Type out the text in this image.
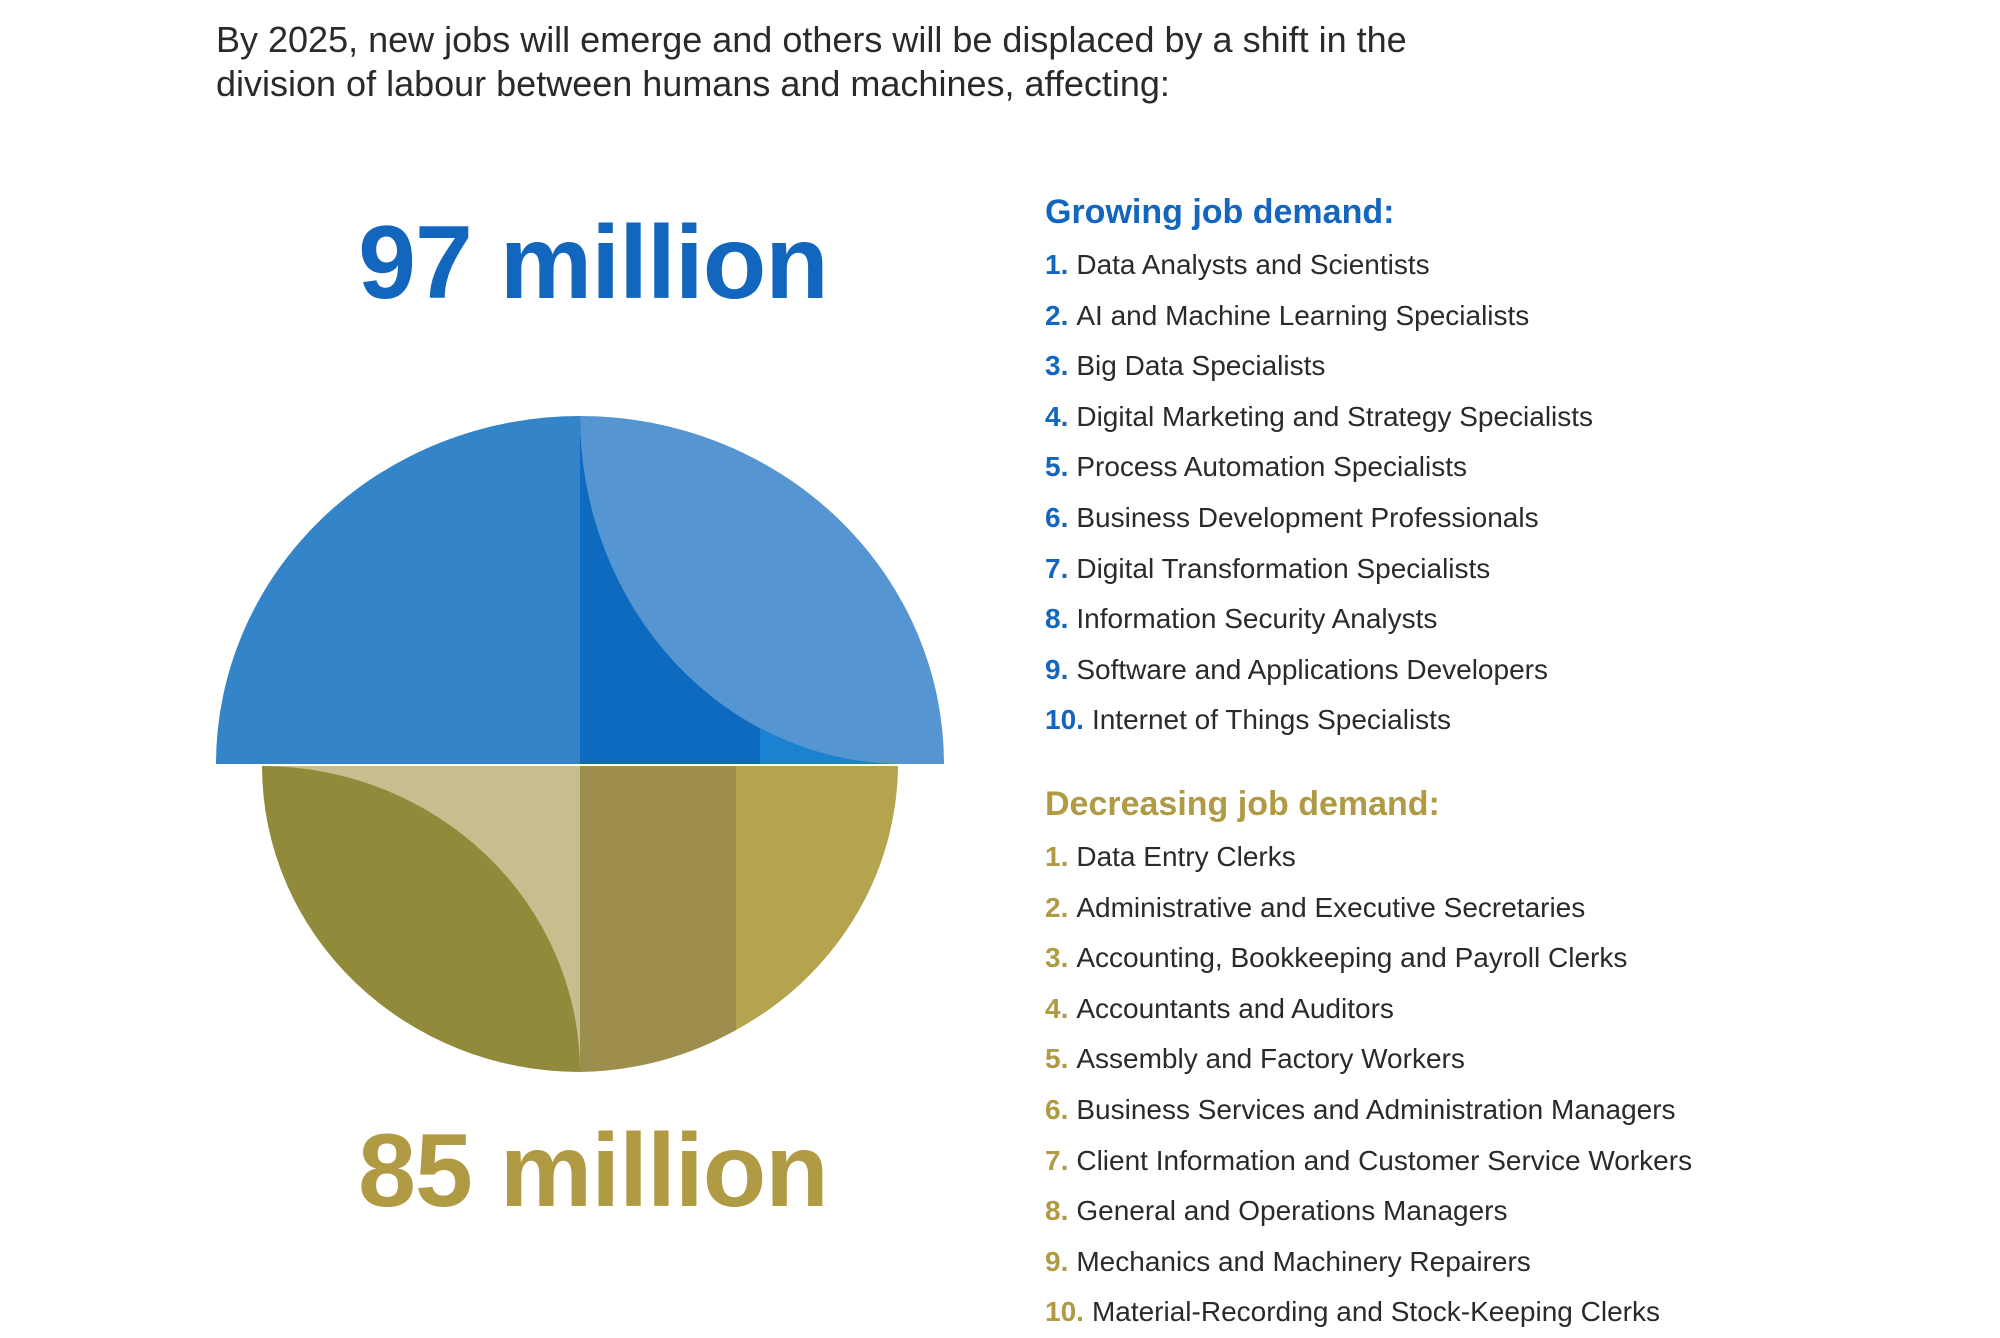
By 2025, new jobs will emerge and others will be displaced by a shift in the
division of labour between humans and machines, affecting:

97 million
85 million
Growing job demand:
1. Data Analysts and Scientists
2. AI and Machine Learning Specialists
3. Big Data Specialists
4. Digital Marketing and Strategy Specialists
5. Process Automation Specialists
6. Business Development Professionals
7. Digital Transformation Specialists
8. Information Security Analysts
9. Software and Applications Developers
10. Internet of Things Specialists
Decreasing job demand:
1. Data Entry Clerks
2. Administrative and Executive Secretaries
3. Accounting, Bookkeeping and Payroll Clerks
4. Accountants and Auditors
5. Assembly and Factory Workers
6. Business Services and Administration Managers
7. Client Information and Customer Service Workers
8. General and Operations Managers
9. Mechanics and Machinery Repairers
10. Material-Recording and Stock-Keeping Clerks
